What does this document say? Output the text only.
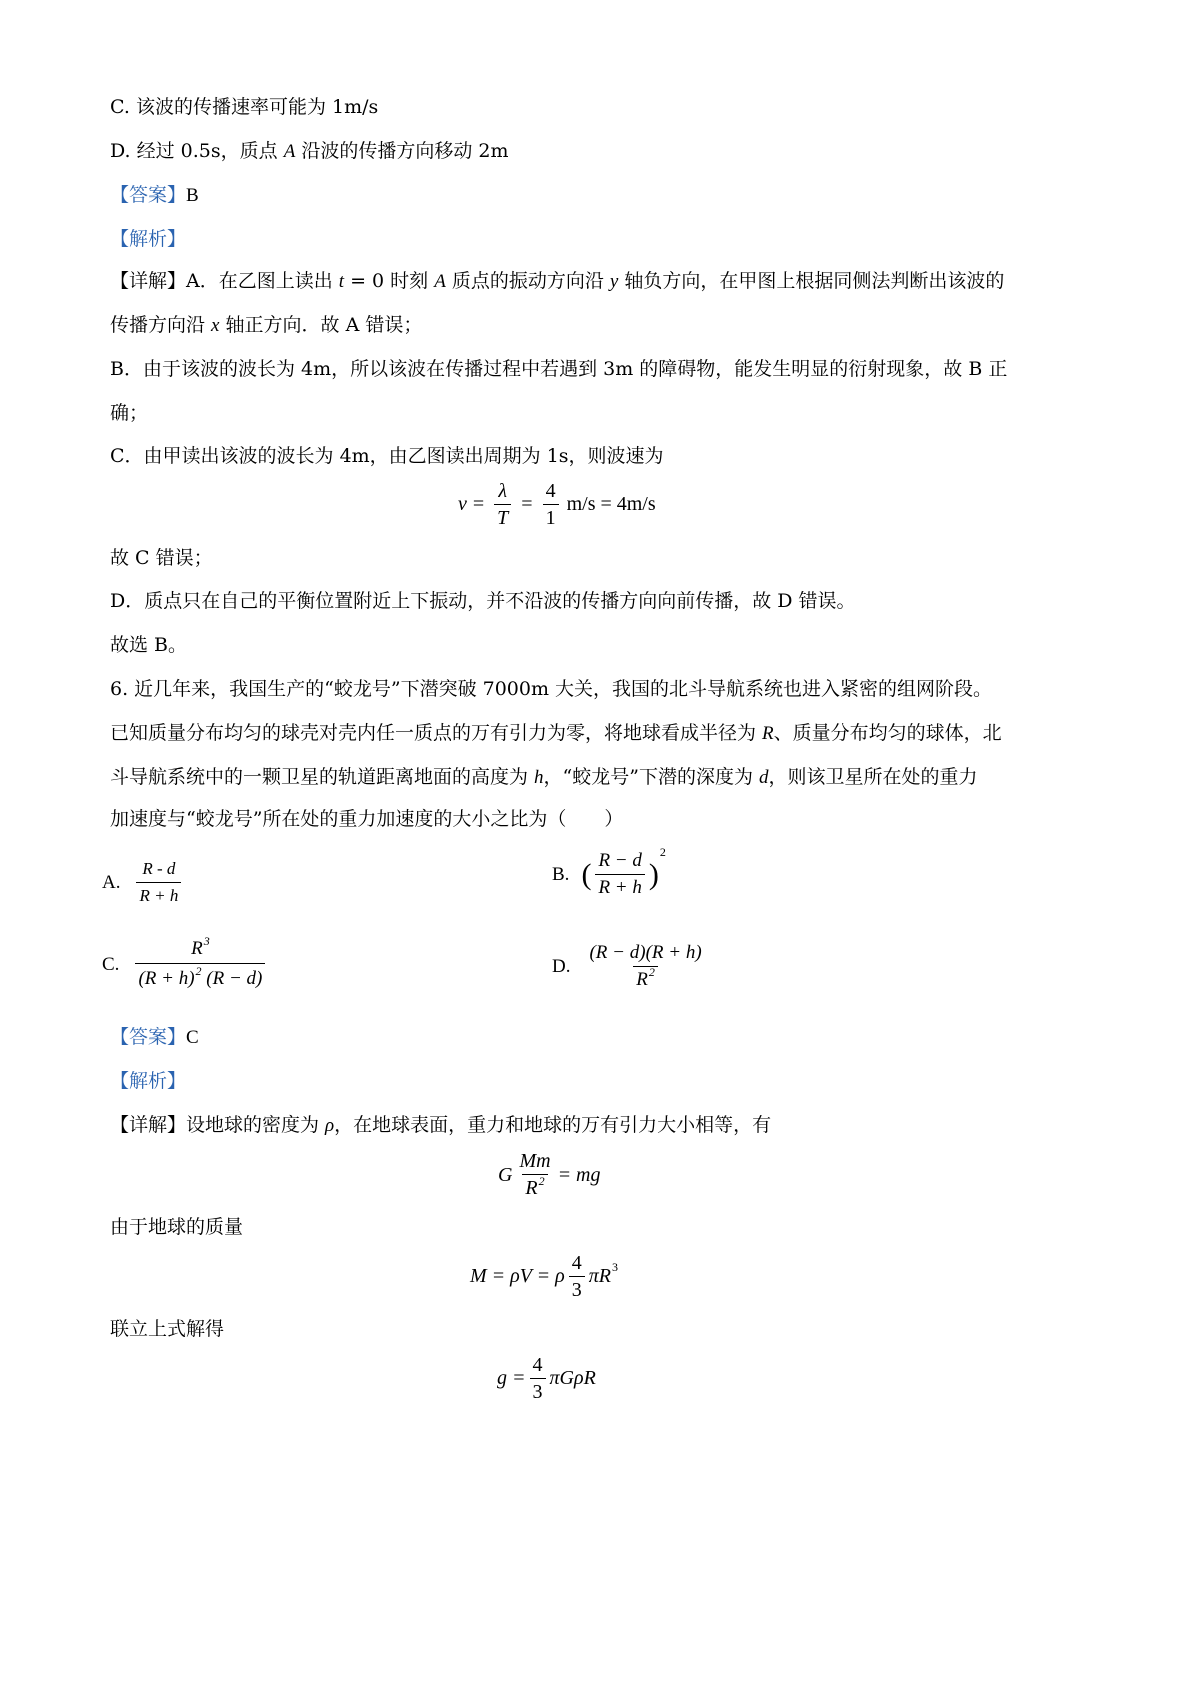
C. 该波的传播速率可能为 1m/s
D. 经过 0.5s，质点 A 沿波的传播方向移动 2m
【答案】B
【解析】
【详解】A．在乙图上读出 t = 0 时刻 A 质点的振动方向沿 y 轴负方向，在甲图上根据同侧法判断出该波的
传播方向沿 x 轴正方向．故 A 错误；
B．由于该波的波长为 4m，所以该波在传播过程中若遇到 3m 的障碍物，能发生明显的衍射现象，故 B 正
确；
C．由甲读出该波的波长为 4m，由乙图读出周期为 1s，则波速为
$v = \frac{\lambda}{T} = \frac{4}{1} m/s = 4m/s$
故 C 错误；
D．质点只在自己的平衡位置附近上下振动，并不沿波的传播方向向前传播，故 D 错误。
故选 B。
6. 近几年来，我国生产的“蛟龙号”下潜突破 7000m 大关，我国的北斗导航系统也进入紧密的组网阶段。
已知质量分布均匀的球壳对壳内任一质点的万有引力为零，将地球看成半径为 R、质量分布均匀的球体，北
斗导航系统中的一颗卫星的轨道距离地面的高度为 h，“蛟龙号”下潜的深度为 d，则该卫星所在处的重力
加速度与“蛟龙号”所在处的重力加速度的大小之比为（　　）
A. $\frac{R - d}{R + h}$	B. ( $\frac{R - d}{R + h}$ )
2
C. $\frac{R^3}{(R + h)^2 (R - d)}$	D. $\frac{(R - d)(R + h)}{R^2}$
【答案】C
【解析】
【详解】设地球的密度为 ρ，在地球表面，重力和地球的万有引力大小相等，有
G $\frac{Mm}{R^2}$ = mg
由于地球的质量
M = ρV = ρ $\frac{4}{3}$ πR 3
联立上式解得
$g = \frac{4}{3}$ πGρR
